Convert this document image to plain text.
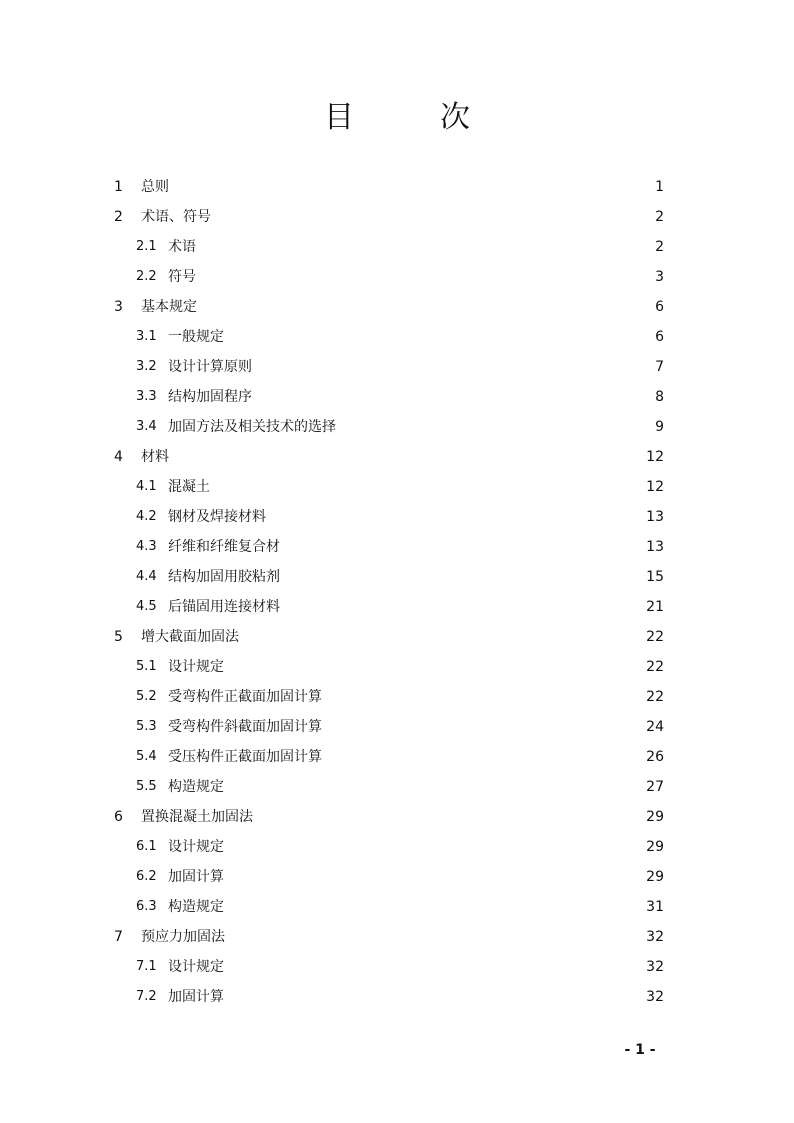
目　次
1	总则	1
2	术语、符号	2
2.1 术语	2
2.2 符号	3
3	基本规定	6
3.1 一般规定	6
3.2 设计计算原则	7
3.3 结构加固程序	8
3.4 加固方法及相关技术的选择	9
4	材料	12
4.1 混凝土	12
4.2 钢材及焊接材料	13
4.3 纤维和纤维复合材	13
4.4 结构加固用胶粘剂	15
4.5 后锚固用连接材料	21
5	增大截面加固法	22
5.1 设计规定	22
5.2 受弯构件正截面加固计算	22
5.3 受弯构件斜截面加固计算	24
5.4 受压构件正截面加固计算	26
5.5 构造规定	27
6	置换混凝土加固法	29
6.1 设计规定	29
6.2 加固计算	29
6.3 构造规定	31
7	预应力加固法	32
7.1 设计规定	32
7.2 加固计算	32
- 1 -
